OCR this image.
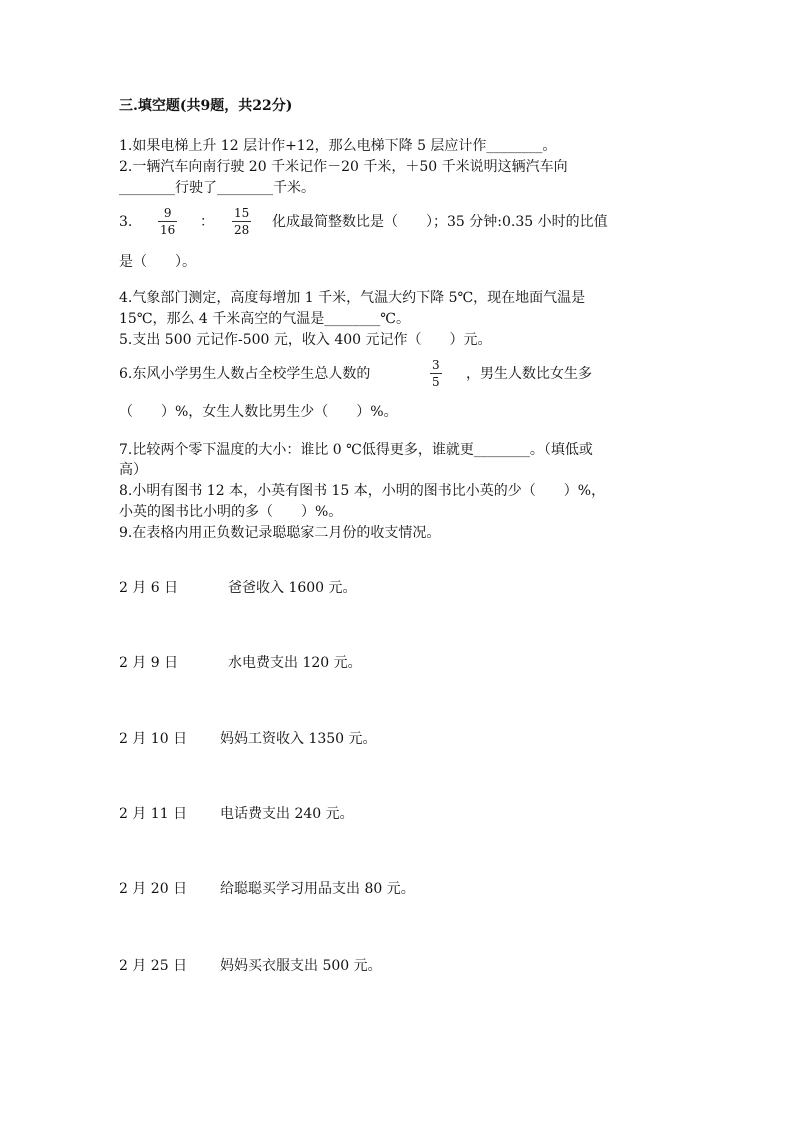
三.填空题(共9题，共22分)
1.如果电梯上升 12 层计作+12，那么电梯下降 5 层应计作________。
2.一辆汽车向南行驶 20 千米记作－20 千米，＋50 千米说明这辆汽车向
________行驶了________千米。
3.
9
16 ：
15
28 化成最简整数比是（　　）；35 分钟:0.35 小时的比值
是（　　）。
4.气象部门测定，高度每增加 1 千米，气温大约下降 5℃，现在地面气温是
15℃，那么 4 千米高空的气温是________℃。
5.支出 500 元记作-500 元，收入 400 元记作（　　）元。
6.东风小学男生人数占全校学生总人数的
3
5 ，男生人数比女生多
（　　）%，女生人数比男生少（　　）%。
7.比较两个零下温度的大小：谁比 0 ℃低得更多，谁就更________。（填低或
高）
8.小明有图书 12 本，小英有图书 15 本，小明的图书比小英的少（　　）%，
小英的图书比小明的多（　　）%。
9.在表格内用正负数记录聪聪家二月份的收支情况。
2 月 6 日	爸爸收入 1600 元。
2 月 9 日	水电费支出 120 元。
2 月 10 日 妈妈工资收入 1350 元。
2 月 11 日 电话费支出 240 元。
2 月 20 日 给聪聪买学习用品支出 80 元。
2 月 25 日 妈妈买衣服支出 500 元。
